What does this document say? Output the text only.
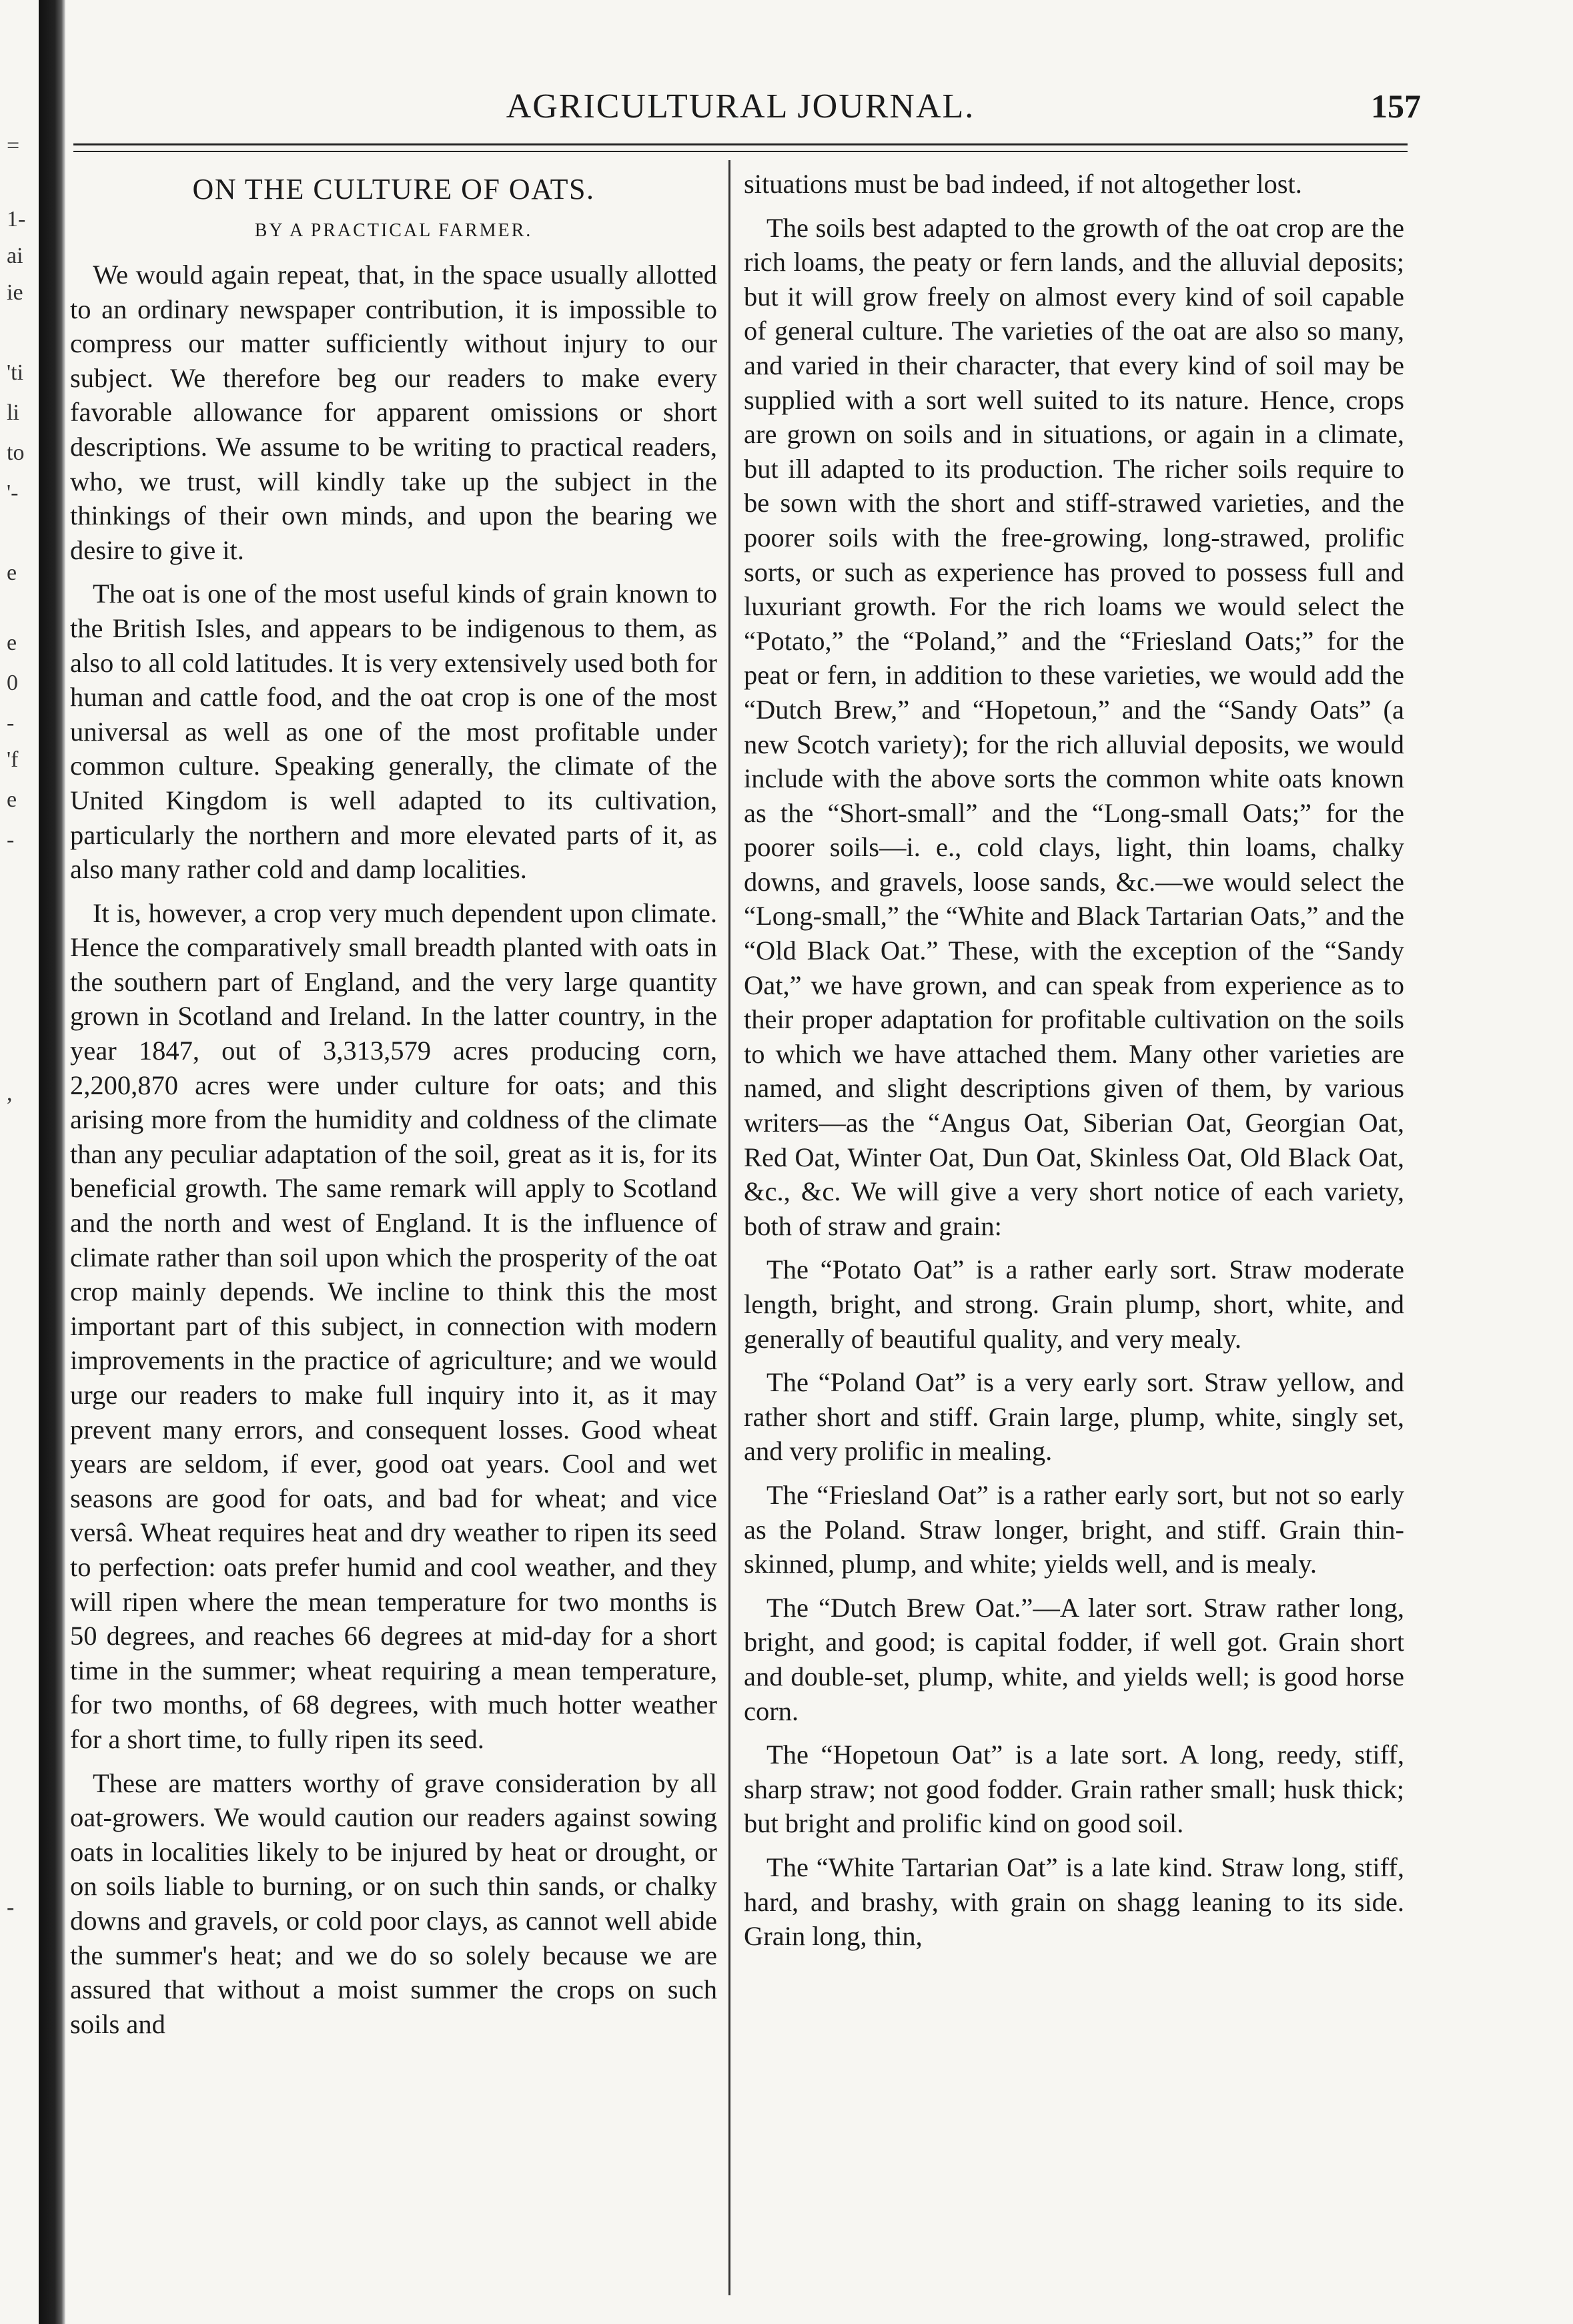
=
1-
ai
ie
'ti
li
to
'-
e
e
0
-
'f
e
-
,
-
AGRICULTURAL JOURNAL.	157
ON THE CULTURE OF OATS.
BY A PRACTICAL FARMER.

We would again repeat, that, in the space usually allotted to an ordinary newspaper contribution, it is impossible to compress our matter sufficiently without injury to our subject. We therefore beg our readers to make every favorable allowance for apparent omissions or short descriptions. We assume to be writing to practical readers, who, we trust, will kindly take up the subject in the thinkings of their own minds, and upon the bearing we desire to give it.

The oat is one of the most useful kinds of grain known to the British Isles, and appears to be indigenous to them, as also to all cold latitudes. It is very extensively used both for human and cattle food, and the oat crop is one of the most universal as well as one of the most profitable under common culture. Speaking generally, the climate of the United Kingdom is well adapted to its cultivation, particularly the northern and more elevated parts of it, as also many rather cold and damp localities.

It is, however, a crop very much dependent upon climate. Hence the comparatively small breadth planted with oats in the southern part of England, and the very large quantity grown in Scotland and Ireland. In the latter country, in the year 1847, out of 3,313,579 acres producing corn, 2,200,870 acres were under culture for oats; and this arising more from the humidity and coldness of the climate than any peculiar adaptation of the soil, great as it is, for its beneficial growth. The same remark will apply to Scotland and the north and west of England. It is the influence of climate rather than soil upon which the prosperity of the oat crop mainly depends. We incline to think this the most important part of this subject, in connection with modern improvements in the practice of agriculture; and we would urge our readers to make full inquiry into it, as it may prevent many errors, and consequent losses. Good wheat years are seldom, if ever, good oat years. Cool and wet seasons are good for oats, and bad for wheat; and vice versâ. Wheat requires heat and dry weather to ripen its seed to perfection: oats prefer humid and cool weather, and they will ripen where the mean temperature for two months is 50 degrees, and reaches 66 degrees at mid-day for a short time in the summer; wheat requiring a mean temperature, for two months, of 68 degrees, with much hotter weather for a short time, to fully ripen its seed.

These are matters worthy of grave consideration by all oat-growers. We would caution our readers against sowing oats in localities likely to be injured by heat or drought, or on soils liable to burning, or on such thin sands, or chalky downs and gravels, or cold poor clays, as cannot well abide the summer's heat; and we do so solely because we are assured that without a moist summer the crops on such soils and

situations must be bad indeed, if not altogether lost.

The soils best adapted to the growth of the oat crop are the rich loams, the peaty or fern lands, and the alluvial deposits; but it will grow freely on almost every kind of soil capable of general culture. The varieties of the oat are also so many, and varied in their character, that every kind of soil may be supplied with a sort well suited to its nature. Hence, crops are grown on soils and in situations, or again in a climate, but ill adapted to its production. The richer soils require to be sown with the short and stiff-strawed varieties, and the poorer soils with the free-growing, long-strawed, prolific sorts, or such as experience has proved to possess full and luxuriant growth. For the rich loams we would select the “Potato,” the “Poland,” and the “Friesland Oats;” for the peat or fern, in addition to these varieties, we would add the “Dutch Brew,” and “Hopetoun,” and the “Sandy Oats” (a new Scotch variety); for the rich alluvial deposits, we would include with the above sorts the common white oats known as the “Short-small” and the “Long-small Oats;” for the poorer soils—i. e., cold clays, light, thin loams, chalky downs, and gravels, loose sands, &c.—we would select the “Long-small,” the “White and Black Tartarian Oats,” and the “Old Black Oat.” These, with the exception of the “Sandy Oat,” we have grown, and can speak from experience as to their proper adaptation for profitable cultivation on the soils to which we have attached them. Many other varieties are named, and slight descriptions given of them, by various writers—as the “Angus Oat, Siberian Oat, Georgian Oat, Red Oat, Winter Oat, Dun Oat, Skinless Oat, Old Black Oat, &c., &c. We will give a very short notice of each variety, both of straw and grain:

The “Potato Oat” is a rather early sort. Straw moderate length, bright, and strong. Grain plump, short, white, and generally of beautiful quality, and very mealy.

The “Poland Oat” is a very early sort. Straw yellow, and rather short and stiff. Grain large, plump, white, singly set, and very prolific in mealing.

The “Friesland Oat” is a rather early sort, but not so early as the Poland. Straw longer, bright, and stiff. Grain thin-skinned, plump, and white; yields well, and is mealy.

The “Dutch Brew Oat.”—A later sort. Straw rather long, bright, and good; is capital fodder, if well got. Grain short and double-set, plump, white, and yields well; is good horse corn.

The “Hopetoun Oat” is a late sort. A long, reedy, stiff, sharp straw; not good fodder. Grain rather small; husk thick; but bright and prolific kind on good soil.

The “White Tartarian Oat” is a late kind. Straw long, stiff, hard, and brashy, with grain on shagg leaning to its side. Grain long, thin,
